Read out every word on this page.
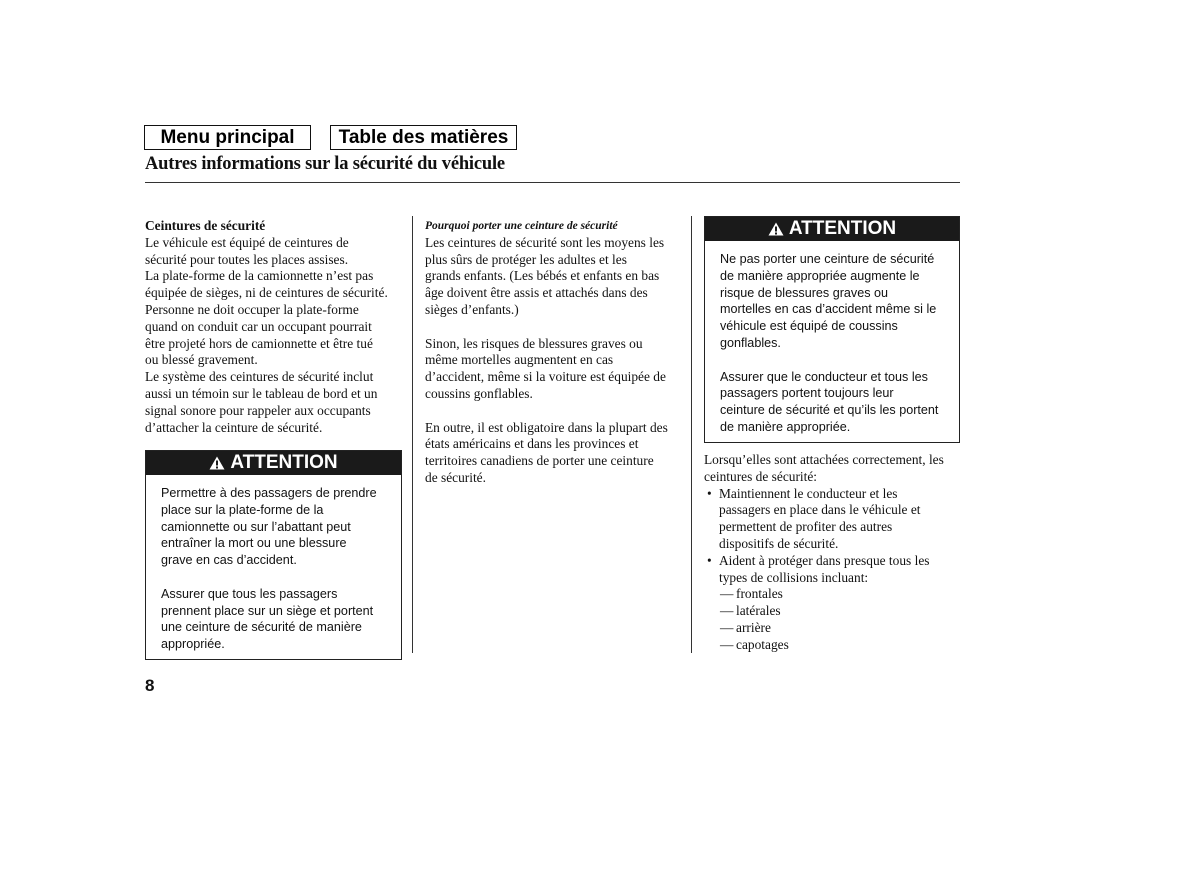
Menu principal	Table des matières
Autres informations sur la sécurité du véhicule

Ceintures de sécurité

Le véhicule est équipé de ceintures de

sécurité pour toutes les places assises.

La plate-forme de la camionnette n’est pas

équipée de sièges, ni de ceintures de sécurité.

Personne ne doit occuper la plate-forme

quand on conduit car un occupant pourrait

être projeté hors de camionnette et être tué

ou blessé gravement.

Le système des ceintures de sécurité inclut

aussi un témoin sur le tableau de bord et un

signal sonore pour rappeler aux occupants

d’attacher la ceinture de sécurité.

ATTENTION

Permettre à des passagers de prendre
place sur la plate-forme de la
camionnette ou sur l’abattant peut
entraîner la mort ou une blessure
grave en cas d’accident.

Assurer que tous les passagers
prennent place sur un siège et portent
une ceinture de sécurité de manière
appropriée.

Pourquoi porter une ceinture de sécurité

Les ceintures de sécurité sont les moyens les

plus sûrs de protéger les adultes et les

grands enfants. (Les bébés et enfants en bas

âge doivent être assis et attachés dans des

sièges d’enfants.)

Sinon, les risques de blessures graves ou

même mortelles augmentent en cas

d’accident, même si la voiture est équipée de

coussins gonflables.

En outre, il est obligatoire dans la plupart des

états américains et dans les provinces et

territoires canadiens de porter une ceinture

de sécurité.

ATTENTION

Ne pas porter une ceinture de sécurité
de manière appropriée augmente le
risque de blessures graves ou
mortelles en cas d’accident même si le
véhicule est équipé de coussins
gonflables.

Assurer que le conducteur et tous les
passagers portent toujours leur
ceinture de sécurité et qu’ils les portent
de manière appropriée.

Lorsqu’elles sont attachées correctement, les

ceintures de sécurité:

• Maintiennent le conducteur et les

passagers en place dans le véhicule et

permettent de profiter des autres

dispositifs de sécurité.

• Aident à protéger dans presque tous les

types de collisions incluant:

— frontales
— latérales
— arrière
— capotages
8
